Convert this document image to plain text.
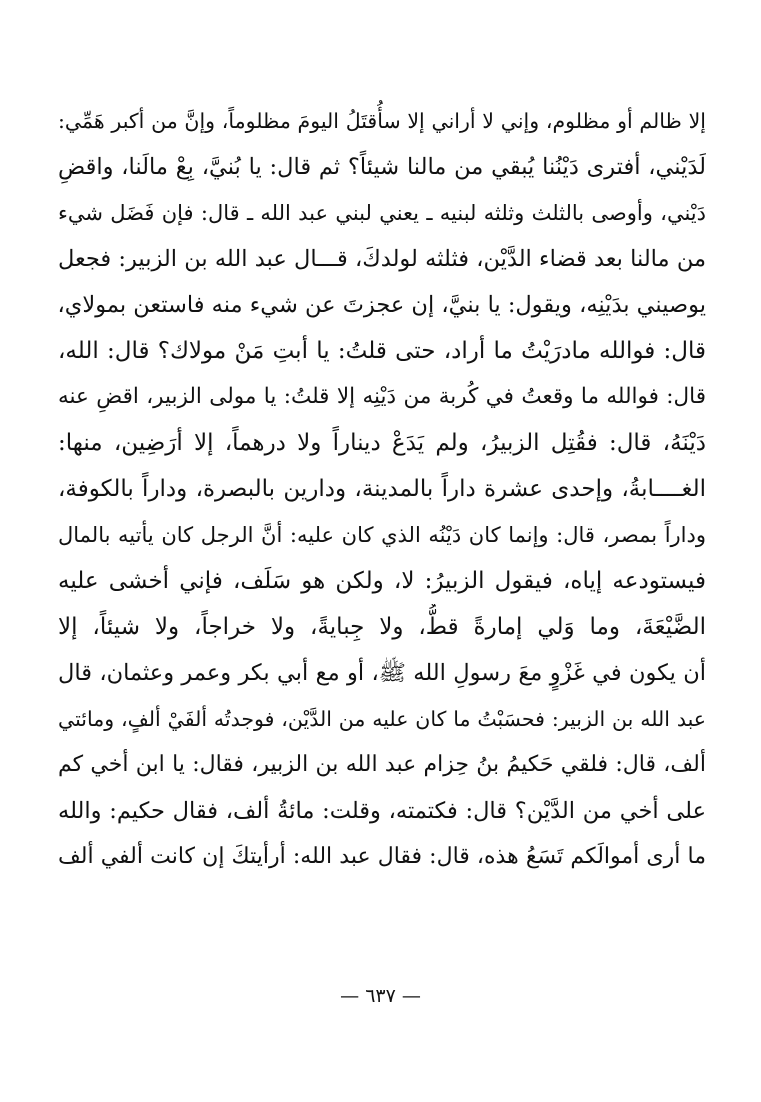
إلا ظالم أو مظلوم، وإني لا أراني إلا سأُقتَلُ اليومَ مظلوماً، وإنَّ من أكبر هَمِّي:
لَدَيْني، أفترى دَيْنُنا يُبقي من مالنا شيئاً؟ ثم قال: يا بُنيَّ، بِعْ مالَنا، واقضِ
دَيْني، وأوصى بالثلث وثلثه لبنيه ـ يعني لبني عبد الله ـ قال: فإن فَضَل شيء
من مالنا بعد قضاء الدَّيْن، فثلثه لولدكَ، قـــال عبد الله بن الزبير: فجعل
يوصيني بدَيْنِه، ويقول: يا بنيَّ، إن عجزتَ عن شيء منه فاستعن بمولاي،
قال: فوالله مادرَيْتُ ما أراد، حتى قلتُ: يا أبتِ مَنْ مولاك؟ قال: الله،
قال: فوالله ما وقعتُ في كُربة من دَيْنِه إلا قلتُ: يا مولى الزبير، اقضِ عنه
دَيْنَهُ، قال: فقُتِل الزبيرُ، ولم يَدَعْ ديناراً ولا درهماً، إلا أرَضِين، منها:
الغــــابةُ، وإحدى عشرة داراً بالمدينة، ودارين بالبصرة، وداراً بالكوفة،
وداراً بمصر، قال: وإنما كان دَيْنُه الذي كان عليه: أنَّ الرجل كان يأتيه بالمال
فيستودعه إياه، فيقول الزبيرُ: لا، ولكن هو سَلَف، فإني أخشى عليه
الضَّيْعَةَ، وما وَلي إمارةً قطُّ، ولا جِبايةً، ولا خراجاً، ولا شيئاً، إلا
أن يكون في غَزْوٍ معَ رسولِ الله ﷺ، أو مع أبي بكر وعمر وعثمان، قال
عبد الله بن الزبير: فحسَبْتُ ما كان عليه من الدَّيْن، فوجدتُه ألفَيْ ألفٍ، ومائتي
ألف، قال: فلقي حَكيمُ بنُ حِزام عبد الله بن الزبير، فقال: يا ابن أخي كم
على أخي من الدَّيْن؟ قال: فكتمته، وقلت: مائةُ ألف، فقال حكيم: والله
ما أرى أموالَكم تَسَعُ هذه، قال: فقال عبد الله: أرأيتكَ إن كانت ألفي ألف
— ٦٣٧ —
